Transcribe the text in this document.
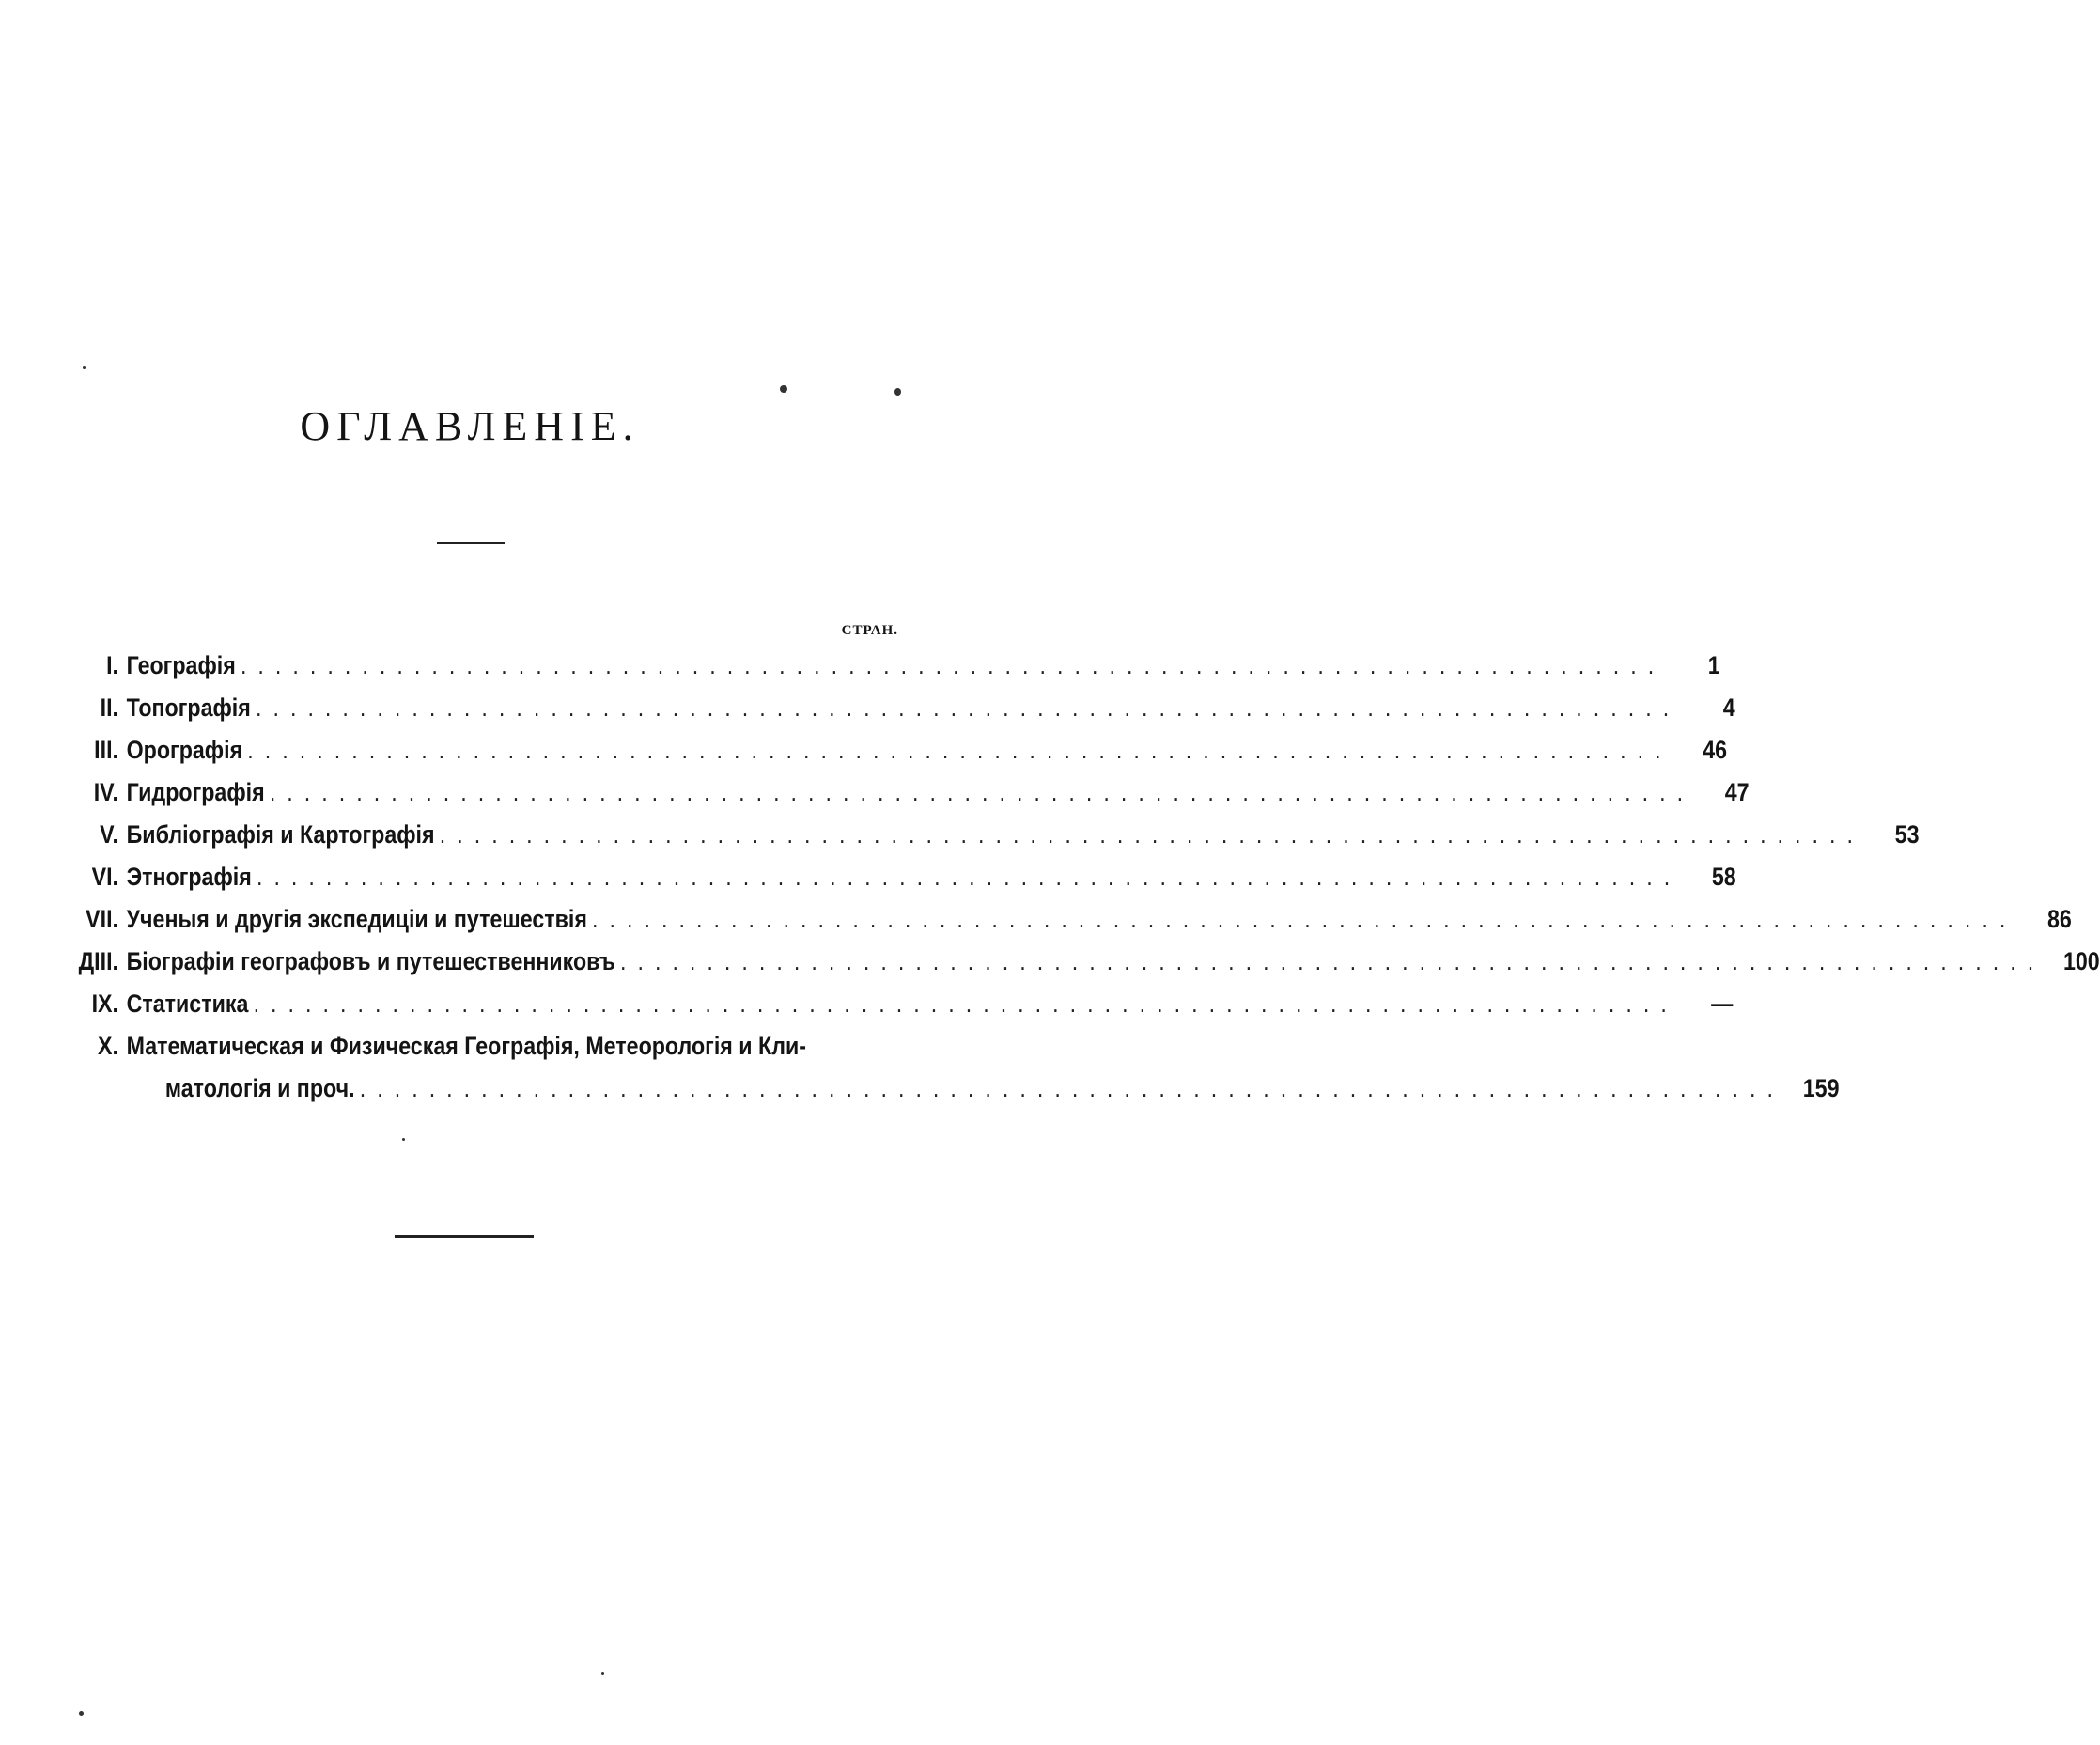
ОГЛАВЛЕНІЕ.
СТРАН.
I. Географія ..................................................................................	1
II. Топографія ..................................................................................	4
III. Орографія ..................................................................................	46
IV. Гидрографія ..................................................................................	47
V. Библіографія и Картографія ..................................................................................	53
VI. Этнографія ..................................................................................	58
VII. Ученыя и другія экспедиціи и путешествія ..................................................................................	86
ДIII. Біографіи географовъ и путешественниковъ .................................................................................. 100
IX. Статистика ..................................................................................	—
X. Математическая и Физическая Географія, Метеорологія и Кли-
матологія и проч. .................................................................................. 159
